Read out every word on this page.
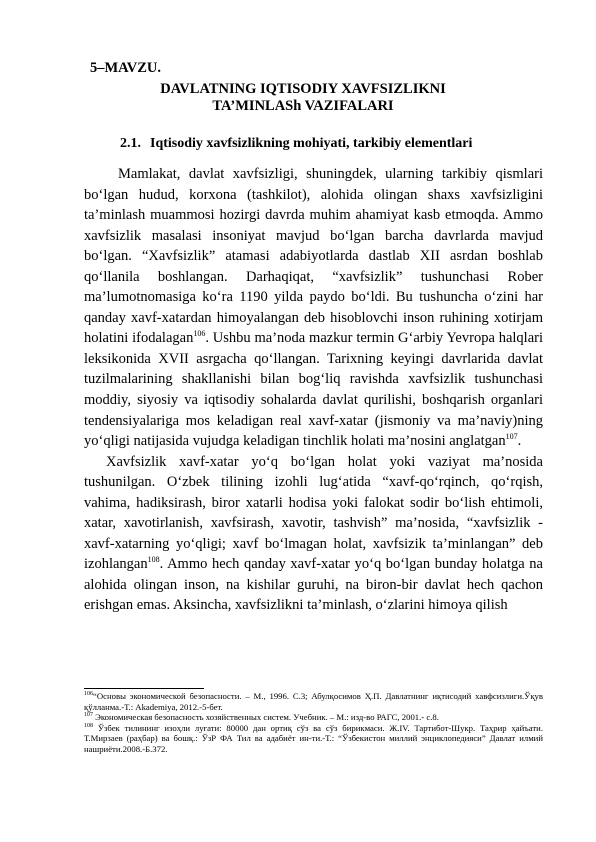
5–MAVZU.
DAVLATNING IQTISODIY XAVFSIZLIKNI
TA’MINLASh VAZIFALARI
2.1. Iqtisodiy xavfsizlikning mohiyati, tarkibiy elementlari

Mamlakat, davlat xavfsizligi, shuningdek, ularning tarkibiy qismlari bo‘lgan hudud, korxona (tashkilot), alohida olingan shaxs xavfsizligini ta’minlash muammosi hozirgi davrda muhim ahamiyat kasb etmoqda. Ammo xavfsizlik masalasi insoniyat mavjud bo‘lgan barcha davrlarda mavjud bo‘lgan. “Xavfsizlik” atamasi adabiyotlarda dastlab XII asrdan boshlab qo‘llanila boshlangan. Darhaqiqat, “xavfsizlik” tushunchasi Rober ma’lumotnomasiga ko‘ra 1190 yilda paydo bo‘ldi. Bu tushuncha o‘zini har qanday xavf-xatardan himoyalangan deb hisoblovchi inson ruhining xotirjam holatini ifodalagan$^{106}$. Ushbu ma’noda mazkur termin G‘arbiy Yevropa halqlari leksikonida XVII asrgacha qo‘llangan. Tarixning keyingi davrlarida davlat tuzilmalarining shakllanishi bilan bog‘liq ravishda xavfsizlik tushunchasi moddiy, siyosiy va iqtisodiy sohalarda davlat qurilishi, boshqarish organlari tendensiyalariga mos keladigan real xavf-xatar (jismoniy va ma’naviy)ning yo‘qligi natijasida vujudga keladigan tinchlik holati ma’nosini anglatgan$^{107}$.

Xavfsizlik xavf-xatar yo‘q bo‘lgan holat yoki vaziyat ma’nosida tushunilgan. O‘zbek tilining izohli lug‘atida “xavf-qo‘rqinch, qo‘rqish, vahima, hadiksirash, biror xatarli hodisa yoki falokat sodir bo‘lish ehtimoli, xatar, xavotirlanish, xavfsirash, xavotir, tashvish” ma’nosida, “xavfsizlik - xavf-xatarning yo‘qligi; xavf bo‘lmagan holat, xavfsizik ta’minlangan” deb izohlangan$^{108}$. Ammo hech qanday xavf-xatar yo‘q bo‘lgan bunday holatga na alohida olingan inson, na kishilar guruhi, na biron-bir davlat hech qachon erishgan emas. Aksincha, xavfsizlikni ta’minlash, o‘zlarini himoya qilish

$^{106}$“Основы экономической безопасности. – М., 1996. С.3; Абулқосимов Ҳ.П. Давлатнинг иқтисодий хавфсизлиги.Ўқув қўлланма.-Т.: Akademiya, 2012.-5-бет.

$^{107}$ Экономическая безопасность хозяйственных систем. Учебник. – М.: изд-во РАГС, 2001.- с.8.

$^{108}$ Ўзбек тилининг изоҳли луғати: 80000 дан ортиқ сўз ва сўз бирикмаси. Ж.IV. Тартибот-Шукр. Таҳрир ҳайъати. Т.Мирзаев (раҳбар) ва бошқ.: ЎзР ФА Тил ва адабиёт ин-ти.-Т.: “Ўзбекистон миллий энциклопедияси” Давлат илмий нашриёти.2008.-Б.372.
